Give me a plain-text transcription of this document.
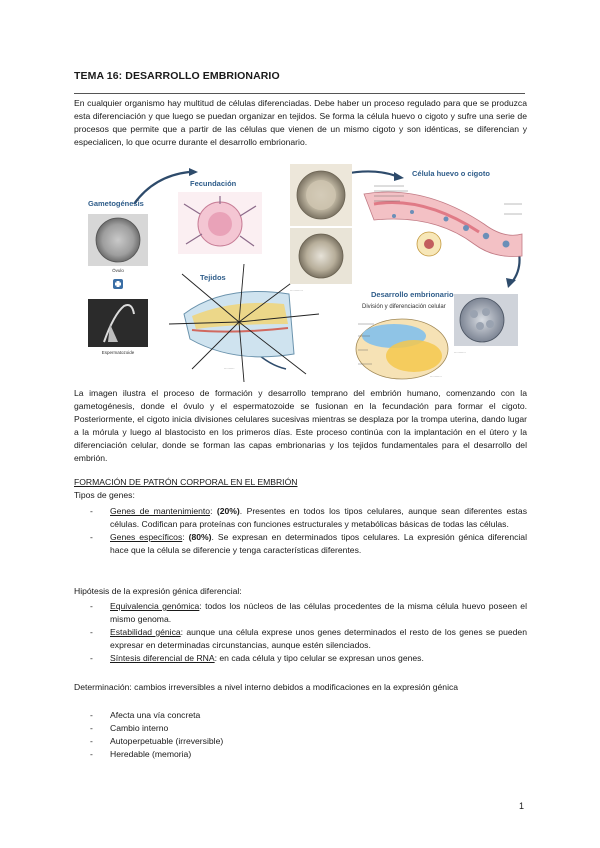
TEMA 16: DESARROLLO EMBRIONARIO
En cualquier organismo hay multitud de células diferenciadas. Debe haber un proceso regulado para que se produzca esta diferenciación y que luego se puedan organizar en tejidos. Se forma la célula huevo o cigoto y sufre una serie de procesos que permite que a partir de las células que vienen de un mismo cigoto y son idénticas, se diferencian y especialicen, lo que ocurre durante el desarrollo embrionario.
Gametogénesis
Óvulo
Espermatozoide
Fecundación
Tejidos
·········
···········
Célula huevo o cigoto
Desarrollo embrionario
División y diferenciación celular
··········
··········
La imagen ilustra el proceso de formación y desarrollo temprano del embrión humano, comenzando con la gametogénesis, donde el óvulo y el espermatozoide se fusionan en la fecundación para formar el cigoto. Posteriormente, el cigoto inicia divisiones celulares sucesivas mientras se desplaza por la trompa uterina, dando lugar a la mórula y luego al blastocisto en los primeros días. Este proceso continúa con la implantación en el útero y la diferenciación celular, donde se forman las capas embrionarias y los tejidos fundamentales para el desarrollo del embrión.
FORMACIÓN DE PATRÓN CORPORAL EN EL EMBRIÓN
Tipos de genes:
- Genes de mantenimiento: (20%). Presentes en todos los tipos celulares, aunque sean diferentes estas células. Codifican para proteínas con funciones estructurales y metabólicas básicas de todas las células.
- Genes específicos: (80%). Se expresan en determinados tipos celulares. La expresión génica diferencial hace que la célula se diferencie y tenga características diferentes.
Hipótesis de la expresión génica diferencial:
- Equivalencia genómica: todos los núcleos de las células procedentes de la misma célula huevo poseen el mismo genoma.
- Estabilidad génica: aunque una célula exprese unos genes determinados el resto de los genes se pueden expresar en determinadas circunstancias, aunque estén silenciados.
- Síntesis diferencial de RNA: en cada célula y tipo celular se expresan unos genes.
Determinación: cambios irreversibles a nivel interno debidos a modificaciones en la expresión génica
- Afecta una vía concreta
- Cambio interno
- Autoperpetuable (irreversible)
- Heredable (memoria)
1
